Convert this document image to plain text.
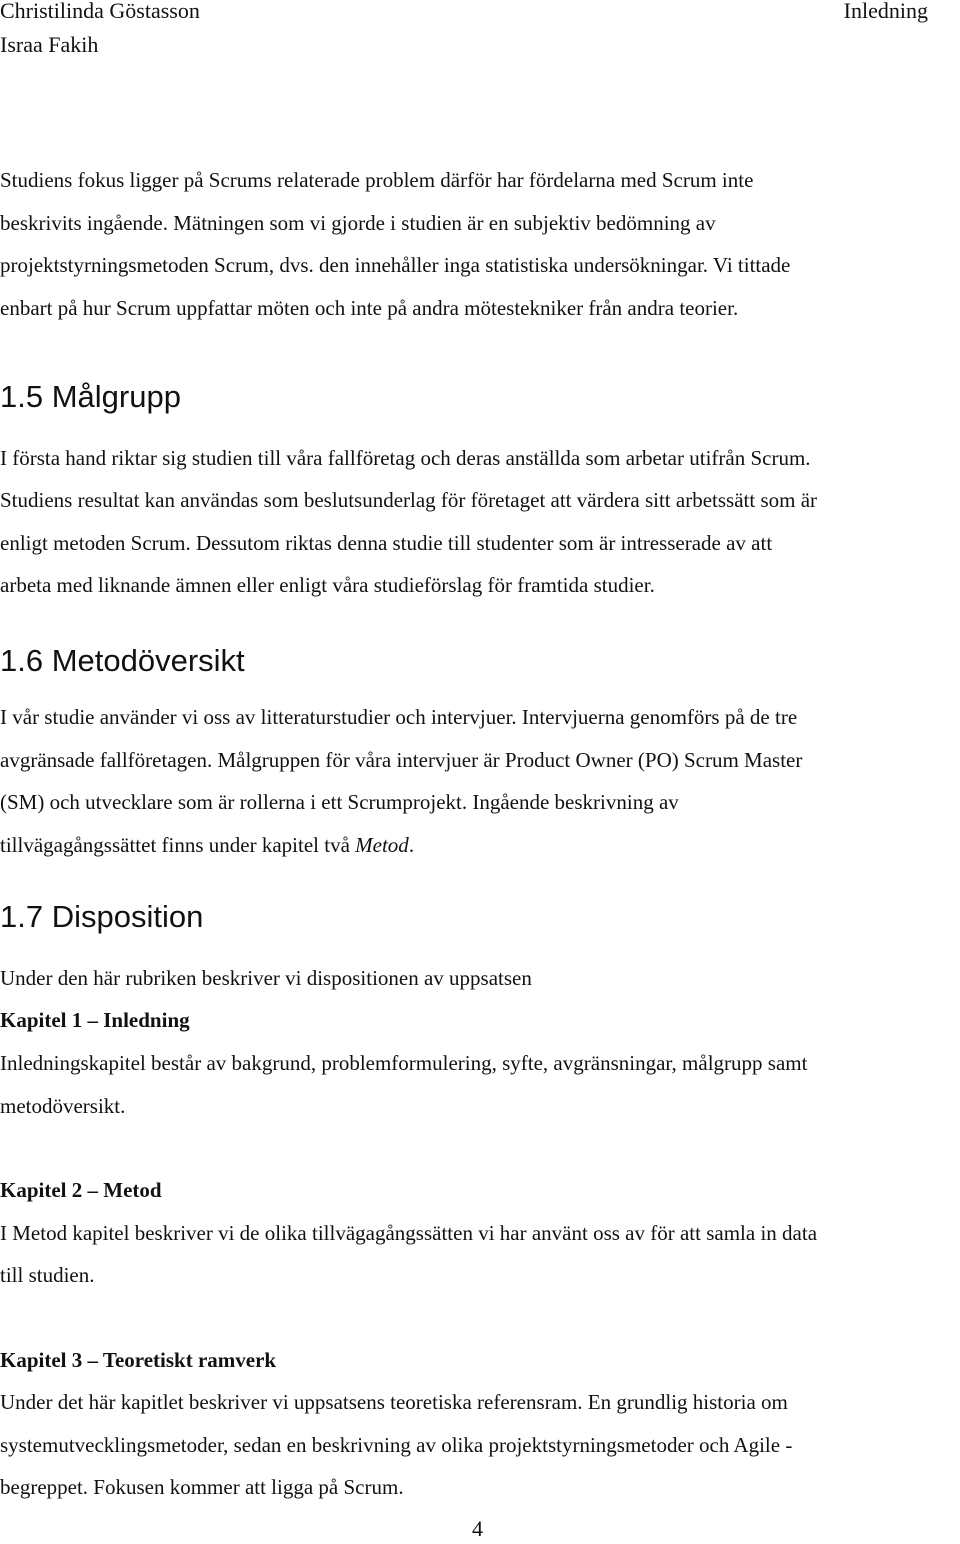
Christilinda Göstasson
Israa Fakih
Inledning
Studiens fokus ligger på Scrums relaterade problem därför har fördelarna med Scrum inte
beskrivits ingående. Mätningen som vi gjorde i studien är en subjektiv bedömning av
projektstyrningsmetoden Scrum, dvs. den innehåller inga statistiska undersökningar. Vi tittade
enbart på hur Scrum uppfattar möten och inte på andra mötestekniker från andra teorier.
1.5 Målgrupp
I första hand riktar sig studien till våra fallföretag och deras anställda som arbetar utifrån Scrum.
Studiens resultat kan användas som beslutsunderlag för företaget att värdera sitt arbetssätt som är
enligt metoden Scrum. Dessutom riktas denna studie till studenter som är intresserade av att
arbeta med liknande ämnen eller enligt våra studieförslag för framtida studier.
1.6 Metodöversikt
I vår studie använder vi oss av litteraturstudier och intervjuer. Intervjuerna genomförs på de tre
avgränsade fallföretagen. Målgruppen för våra intervjuer är Product Owner (PO) Scrum Master
(SM) och utvecklare som är rollerna i ett Scrumprojekt. Ingående beskrivning av
tillvägagångssättet finns under kapitel två Metod.
1.7 Disposition
Under den här rubriken beskriver vi dispositionen av uppsatsen
Kapitel 1 – Inledning
Inledningskapitel består av bakgrund, problemformulering, syfte, avgränsningar, målgrupp samt
metodöversikt.
Kapitel 2 – Metod
I Metod kapitel beskriver vi de olika tillvägagångssätten vi har använt oss av för att samla in data
till studien.
Kapitel 3 – Teoretiskt ramverk
Under det här kapitlet beskriver vi uppsatsens teoretiska referensram. En grundlig historia om
systemutvecklingsmetoder, sedan en beskrivning av olika projektstyrningsmetoder och Agile -
begreppet. Fokusen kommer att ligga på Scrum.
4
